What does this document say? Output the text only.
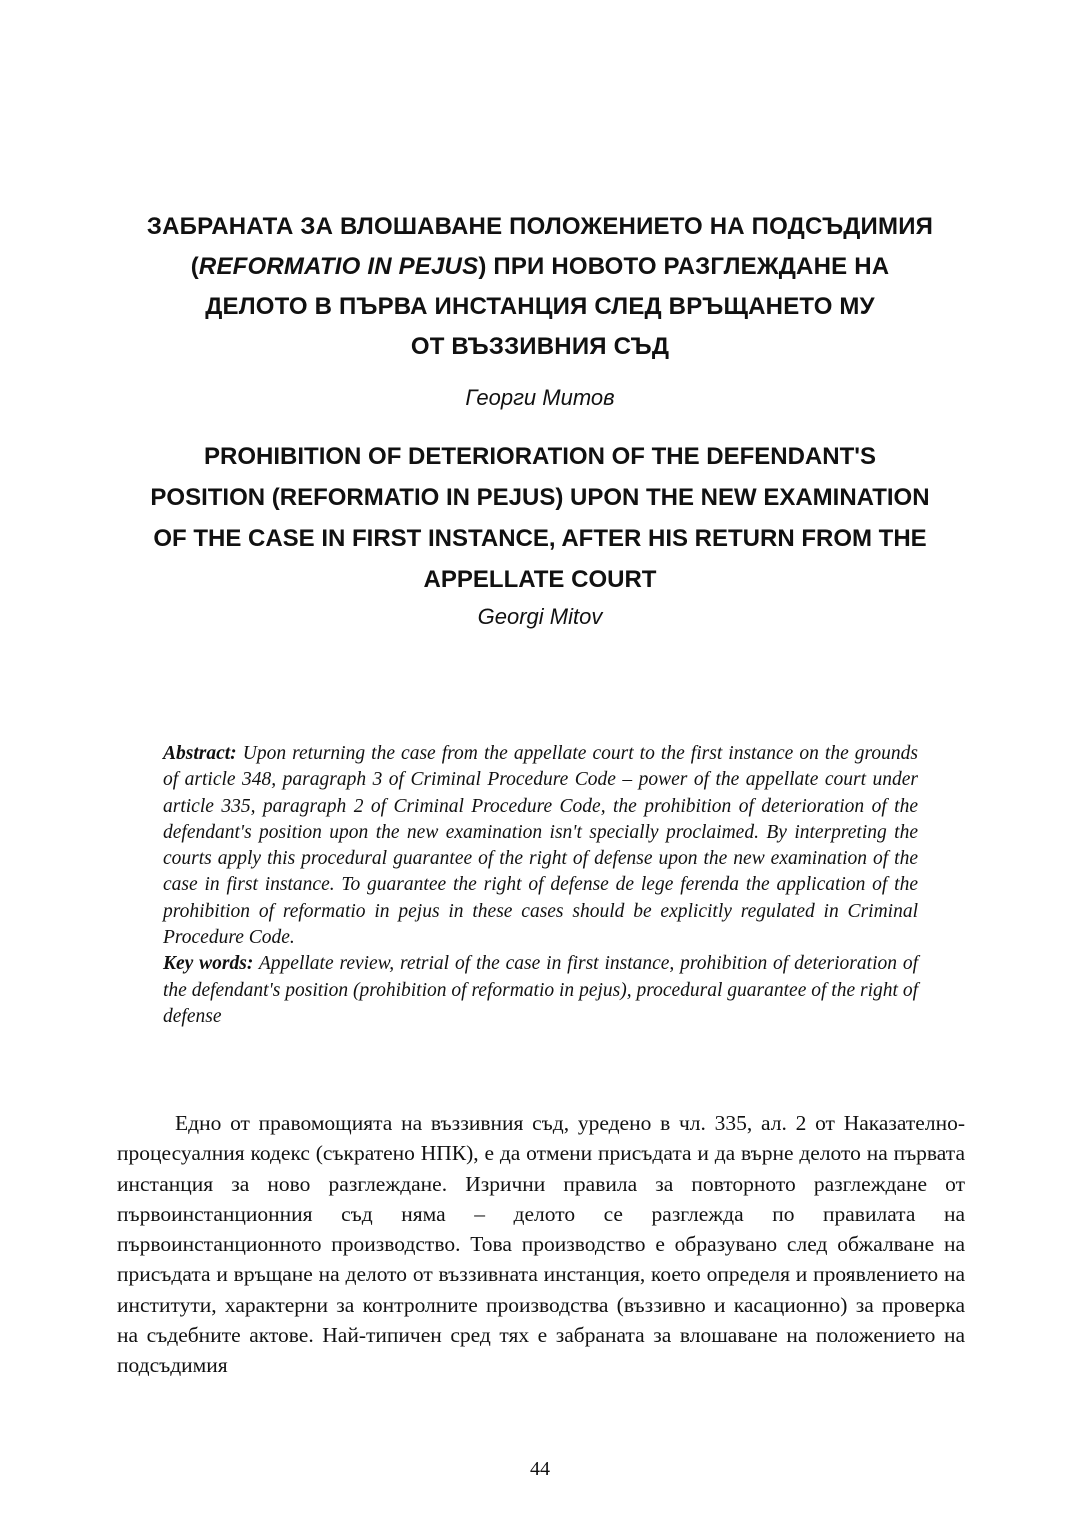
ЗАБРАНАТА ЗА ВЛОШАВАНЕ ПОЛОЖЕНИЕТО НА ПОДСЪДИМИЯ
(REFORMATIO IN PEJUS) ПРИ НОВОТО РАЗГЛЕЖДАНЕ НА
ДЕЛОТО В ПЪРВА ИНСТАНЦИЯ СЛЕД ВРЪЩАНЕТО МУ
ОТ ВЪЗЗИВНИЯ СЪД
Георги Митов
PROHIBITION OF DETERIORATION OF THE DEFENDANT'S
POSITION (REFORMATIO IN PEJUS) UPON THE NEW EXAMINATION
OF THE CASE IN FIRST INSTANCE, AFTER HIS RETURN FROM THE
APPELLATE COURT
Georgi Mitov
Abstract: Upon returning the case from the appellate court to the first instance on the grounds of article 348, paragraph 3 of Criminal Procedure Code – power of the appellate court under article 335, paragraph 2 of Criminal Procedure Code, the prohibition of deterioration of the defendant's position upon the new examination isn't specially proclaimed. By interpreting the courts apply this procedural guarantee of the right of defense upon the new examination of the case in first instance. To guarantee the right of defense de lege ferenda the application of the prohibition of reformatio in pejus in these cases should be explicitly regulated in Criminal Procedure Code.
Key words: Appellate review, retrial of the case in first instance, prohibition of deterioration of the defendant's position (prohibition of reformatio in pejus), procedural guarantee of the right of defense

Едно от правомощията на въззивния съд, уредено в чл. 335, ал. 2 от Наказателно-процесуалния кодекс (съкратено НПК), е да отмени присъдата и да върне делото на първата инстанция за ново разглеждане. Изрични правила за повторното разглеждане от първоинстанционния съд няма – делото се разглежда по правилата на първоинстанционното производство. Това производство е образувано след обжалване на присъдата и връщане на делото от въззивната инстанция, което определя и проявлението на институти, характерни за контролните производства (въззивно и касационно) за проверка на съдебните актове. Най-типичен сред тях е забраната за влошаване на положението на подсъдимия

44
